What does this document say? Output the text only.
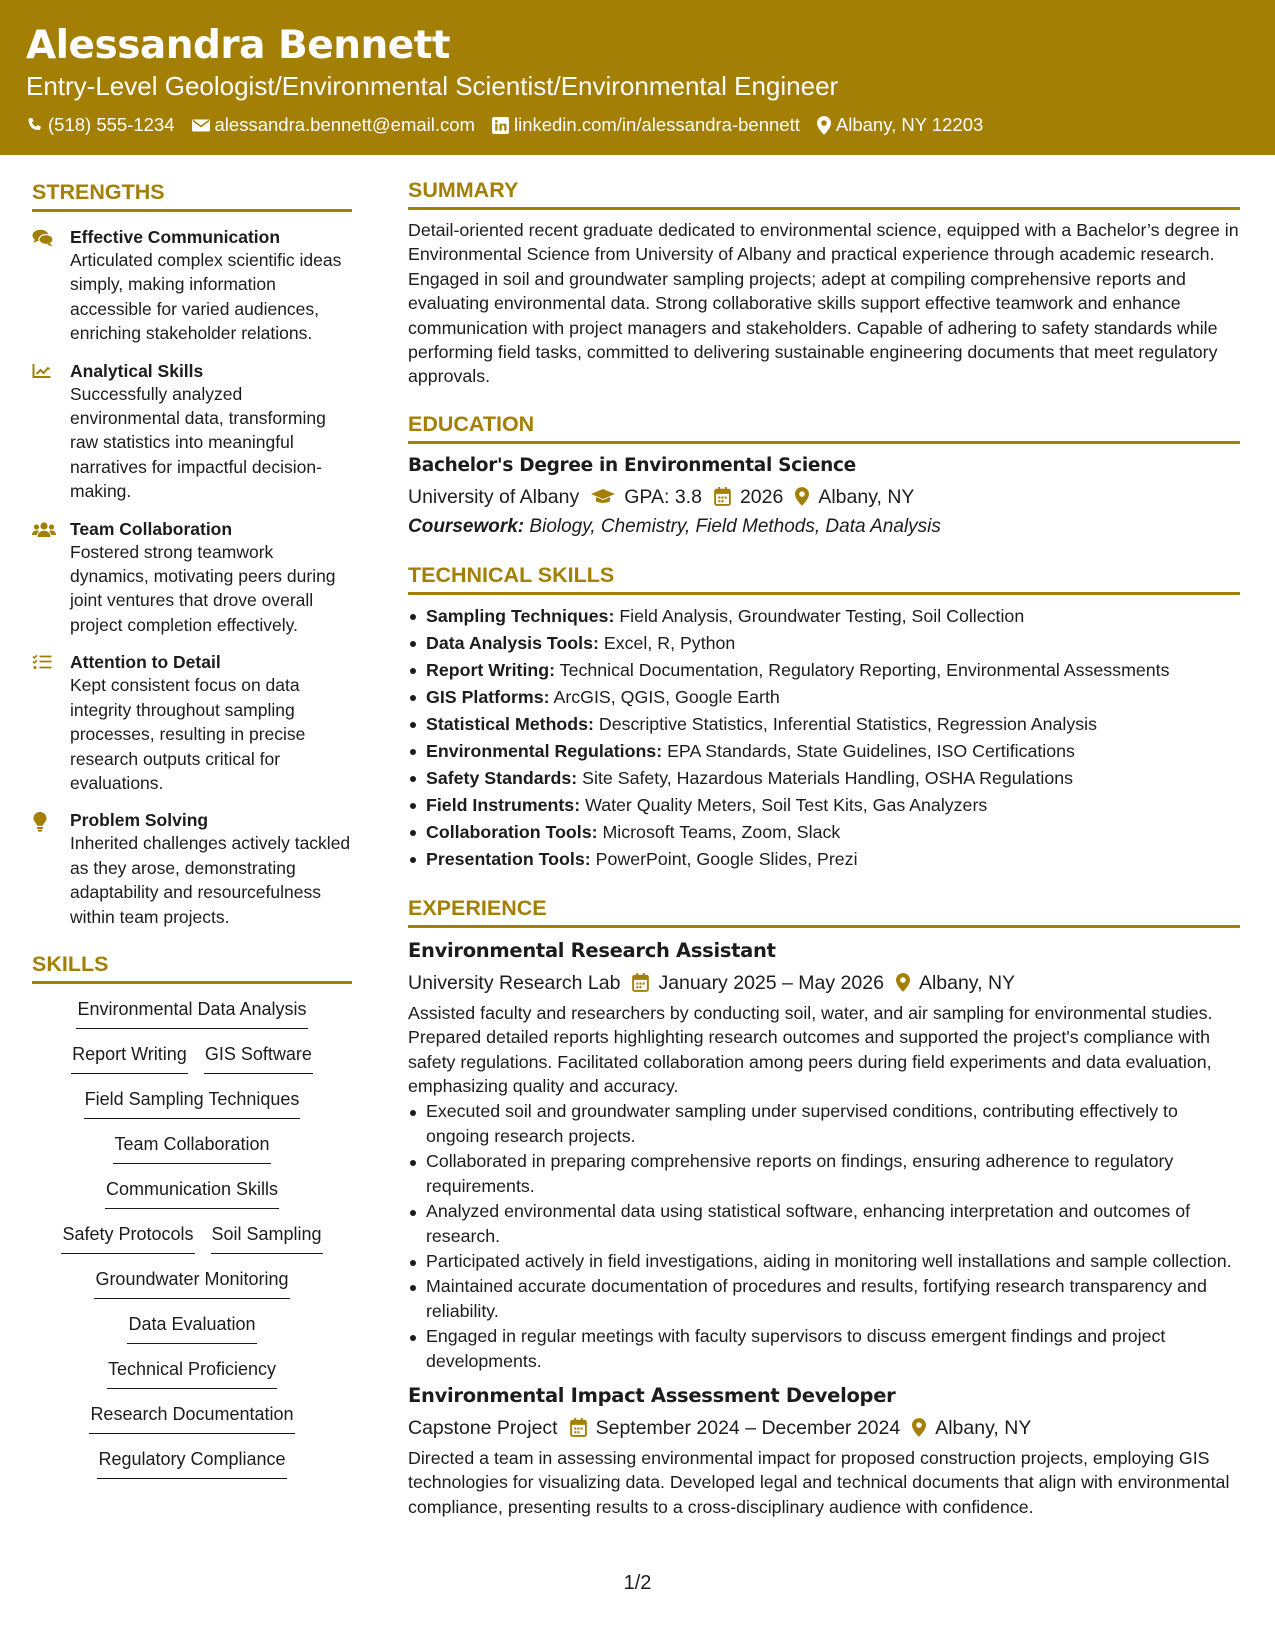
Alessandra Bennett
Entry-Level Geologist/Environmental Scientist/Environmental Engineer
(518) 555-1234 alessandra.bennett@email.com linkedin.com/in/alessandra-bennett Albany, NY 12203
STRENGTHS
Effective Communication
Articulated complex scientific ideas simply, making information accessible for varied audiences, enriching stakeholder relations.
Analytical Skills
Successfully analyzed environmental data, transforming raw statistics into meaningful narratives for impactful decision-making.
Team Collaboration
Fostered strong teamwork dynamics, motivating peers during joint ventures that drove overall project completion effectively.
Attention to Detail
Kept consistent focus on data integrity throughout sampling processes, resulting in precise research outputs critical for evaluations.
Problem Solving
Inherited challenges actively tackled as they arose, demonstrating adaptability and resourcefulness within team projects.
SKILLS
Environmental Data Analysis
Report Writing GIS Software
Field Sampling Techniques
Team Collaboration
Communication Skills
Safety Protocols Soil Sampling
Groundwater Monitoring
Data Evaluation
Technical Proficiency
Research Documentation
Regulatory Compliance
SUMMARY
Detail-oriented recent graduate dedicated to environmental science, equipped with a Bachelor’s degree in Environmental Science from University of Albany and practical experience through academic research. Engaged in soil and groundwater sampling projects; adept at compiling comprehensive reports and evaluating environmental data. Strong collaborative skills support effective teamwork and enhance communication with project managers and stakeholders. Capable of adhering to safety standards while performing field tasks, committed to delivering sustainable engineering documents that meet regulatory approvals.
EDUCATION
Bachelor's Degree in Environmental Science
University of Albany GPA: 3.8 2026 Albany, NY
Coursework: Biology, Chemistry, Field Methods, Data Analysis
TECHNICAL SKILLS
Sampling Techniques: Field Analysis, Groundwater Testing, Soil Collection
Data Analysis Tools: Excel, R, Python
Report Writing: Technical Documentation, Regulatory Reporting, Environmental Assessments
GIS Platforms: ArcGIS, QGIS, Google Earth
Statistical Methods: Descriptive Statistics, Inferential Statistics, Regression Analysis
Environmental Regulations: EPA Standards, State Guidelines, ISO Certifications
Safety Standards: Site Safety, Hazardous Materials Handling, OSHA Regulations
Field Instruments: Water Quality Meters, Soil Test Kits, Gas Analyzers
Collaboration Tools: Microsoft Teams, Zoom, Slack
Presentation Tools: PowerPoint, Google Slides, Prezi
EXPERIENCE
Environmental Research Assistant
University Research Lab January 2025 – May 2026 Albany, NY
Assisted faculty and researchers by conducting soil, water, and air sampling for environmental studies. Prepared detailed reports highlighting research outcomes and supported the project's compliance with safety regulations. Facilitated collaboration among peers during field experiments and data evaluation, emphasizing quality and accuracy.
Executed soil and groundwater sampling under supervised conditions, contributing effectively to ongoing research projects.
Collaborated in preparing comprehensive reports on findings, ensuring adherence to regulatory requirements.
Analyzed environmental data using statistical software, enhancing interpretation and outcomes of research.
Participated actively in field investigations, aiding in monitoring well installations and sample collection.
Maintained accurate documentation of procedures and results, fortifying research transparency and reliability.
Engaged in regular meetings with faculty supervisors to discuss emergent findings and project developments.
Environmental Impact Assessment Developer
Capstone Project September 2024 – December 2024 Albany, NY
Directed a team in assessing environmental impact for proposed construction projects, employing GIS technologies for visualizing data. Developed legal and technical documents that align with environmental compliance, presenting results to a cross-disciplinary audience with confidence.
1/2
